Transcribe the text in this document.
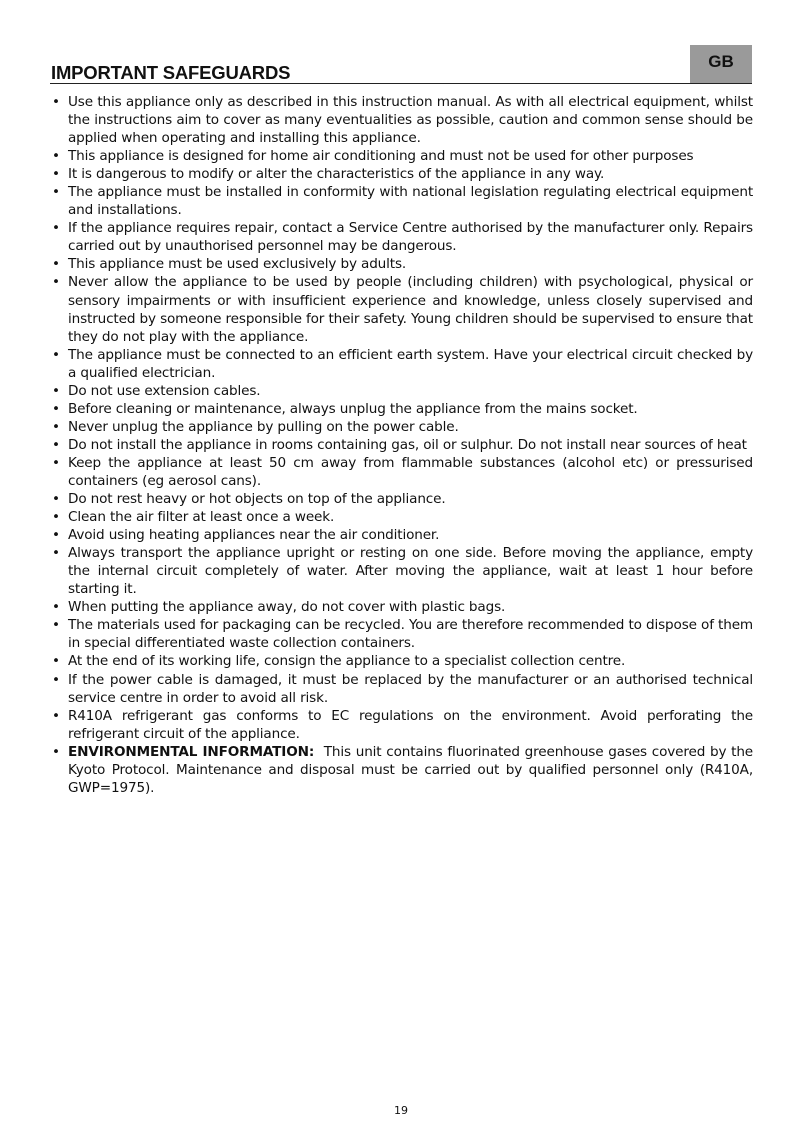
GB
IMPORTANT SAFEGUARDS
• Use this appliance only as described in this instruction manual. As with all electrical equipment, whilst the instructions aim to cover as many eventualities as possible, caution and common sense should be applied when operating and installing this appliance.
• This appliance is designed for home air conditioning and must not be used for other purposes
• It is dangerous to modify or alter the characteristics of the appliance in any way.
• The appliance must be installed in conformity with national legislation regulating electrical equipment and installations.
• If the appliance requires repair, contact a Service Centre authorised by the manufacturer only. Repairs carried out by unauthorised personnel may be dangerous.
• This appliance must be used exclusively by adults.
• Never allow the appliance to be used by people (including children) with psychological, physical or sensory impairments or with insufficient experience and knowledge, unless closely supervised and instructed by someone responsible for their safety. Young children should be supervised to ensure that they do not play with the appliance.
• The appliance must be connected to an efficient earth system. Have your electrical circuit checked by a qualified electrician.
• Do not use extension cables.
• Before cleaning or maintenance, always unplug the appliance from the mains socket.
• Never unplug the appliance by pulling on the power cable.
• Do not install the appliance in rooms containing gas, oil or sulphur. Do not install near sources of heat
• Keep the appliance at least 50 cm away from flammable substances (alcohol etc) or pressurised containers (eg aerosol cans).
• Do not rest heavy or hot objects on top of the appliance.
• Clean the air filter at least once a week.
• Avoid using heating appliances near the air conditioner.
• Always transport the appliance upright or resting on one side. Before moving the appliance, empty the internal circuit completely of water. After moving the appliance, wait at least 1 hour before starting it.
• When putting the appliance away, do not cover with plastic bags.
• The materials used for packaging can be recycled. You are therefore recommended to dispose of them in special differentiated waste collection containers.
• At the end of its working life, consign the appliance to a specialist collection centre.
• If the power cable is damaged, it must be replaced by the manufacturer or an authorised technical service centre in order to avoid all risk.
• R410A refrigerant gas conforms to EC regulations on the environment. Avoid perforating the refrigerant circuit of the appliance.
• ENVIRONMENTAL INFORMATION: This unit contains fluorinated greenhouse gases covered by the Kyoto Protocol. Maintenance and disposal must be carried out by qualified personnel only (R410A, GWP=1975).
19
